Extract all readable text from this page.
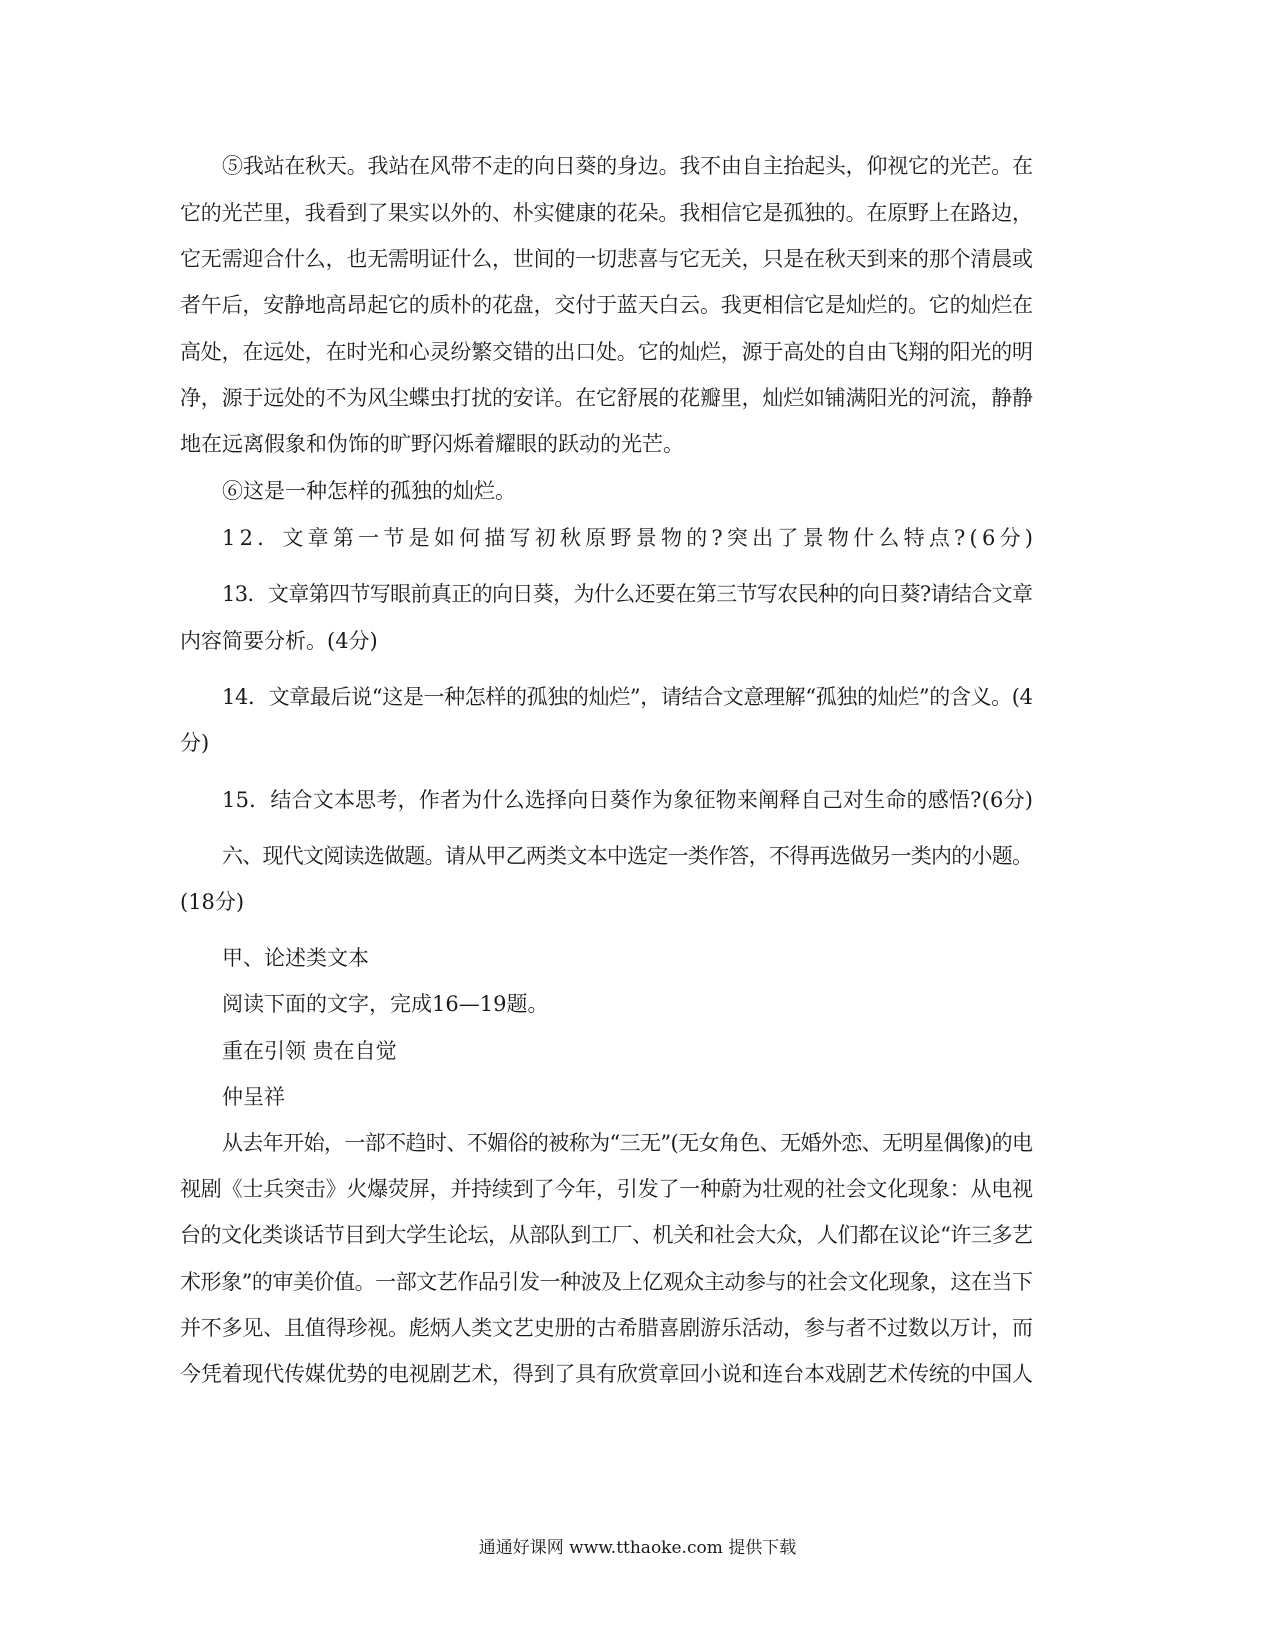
⑤我站在秋天。我站在风带不走的向日葵的身边。我不由自主抬起头，仰视它的光芒。在
它的光芒里，我看到了果实以外的、朴实健康的花朵。我相信它是孤独的。在原野上在路边，
它无需迎合什么，也无需明证什么，世间的一切悲喜与它无关，只是在秋天到来的那个清晨或
者午后，安静地高昂起它的质朴的花盘，交付于蓝天白云。我更相信它是灿烂的。它的灿烂在
高处，在远处，在时光和心灵纷繁交错的出口处。它的灿烂，源于高处的自由飞翔的阳光的明
净，源于远处的不为风尘蝶虫打扰的安详。在它舒展的花瓣里，灿烂如铺满阳光的河流，静静
地在远离假象和伪饰的旷野闪烁着耀眼的跃动的光芒。
⑥这是一种怎样的孤独的灿烂。
12．文章第一节是如何描写初秋原野景物的?突出了景物什么特点?(6分)
13．文章第四节写眼前真正的向日葵，为什么还要在第三节写农民种的向日葵?请结合文章
内容简要分析。(4分)
14．文章最后说“这是一种怎样的孤独的灿烂”，请结合文意理解“孤独的灿烂”的含义。(4
分)
15．结合文本思考，作者为什么选择向日葵作为象征物来阐释自己对生命的感悟?(6分)
六、现代文阅读选做题。请从甲乙两类文本中选定一类作答，不得再选做另一类内的小题。
(18分)
甲、论述类文本
阅读下面的文字，完成16—19题。
重在引领 贵在自觉
仲呈祥
从去年开始，一部不趋时、不媚俗的被称为“三无”(无女角色、无婚外恋、无明星偶像)的电
视剧《士兵突击》火爆荧屏，并持续到了今年，引发了一种蔚为壮观的社会文化现象：从电视
台的文化类谈话节目到大学生论坛，从部队到工厂、机关和社会大众，人们都在议论“许三多艺
术形象”的审美价值。一部文艺作品引发一种波及上亿观众主动参与的社会文化现象，这在当下
并不多见、且值得珍视。彪炳人类文艺史册的古希腊喜剧游乐活动，参与者不过数以万计，而
今凭着现代传媒优势的电视剧艺术，得到了具有欣赏章回小说和连台本戏剧艺术传统的中国人
通通好课网 www.tthaoke.com 提供下载
